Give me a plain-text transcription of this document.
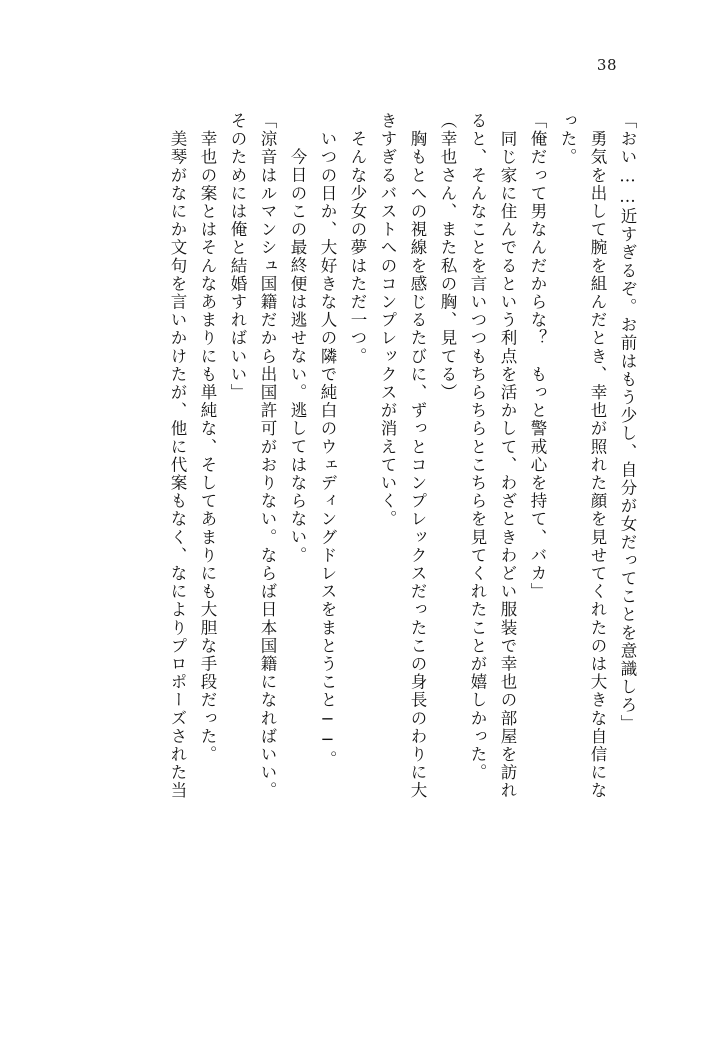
38
「おい……近すぎるぞ。お前はもう少し、自分が女だってことを意識しろ」
　勇気を出して腕を組んだとき、幸也が照れた顔を見せてくれたのは大きな自信にな
った。
「俺だって男なんだからな？　もっと警戒心を持て、バカ」
　同じ家に住んでるという利点を活かして、わざときわどい服装で幸也の部屋を訪れ
ると、そんなことを言いつつもちらちらとこちらを見てくれたことが嬉しかった。
（幸也さん、また私の胸、見てる）
　胸もとへの視線を感じるたびに、ずっとコンプレックスだったこの身長のわりに大
きすぎるバストへのコンプレックスが消えていく。
　そんな少女の夢はただ一つ。
　いつの日か、大好きな人の隣で純白のウェディングドレスをまとうこと──。
　今日のこの最終便は逃せない。逃してはならない。
「涼音はルマンシュ国籍だから出国許可がおりない。ならば日本国籍になればいい。
そのためには俺と結婚すればいい」
　幸也の案とはそんなあまりにも単純な、そしてあまりにも大胆な手段だった。
　美琴がなにか文句を言いかけたが、他に代案もなく、なによりプロポーズされた当
